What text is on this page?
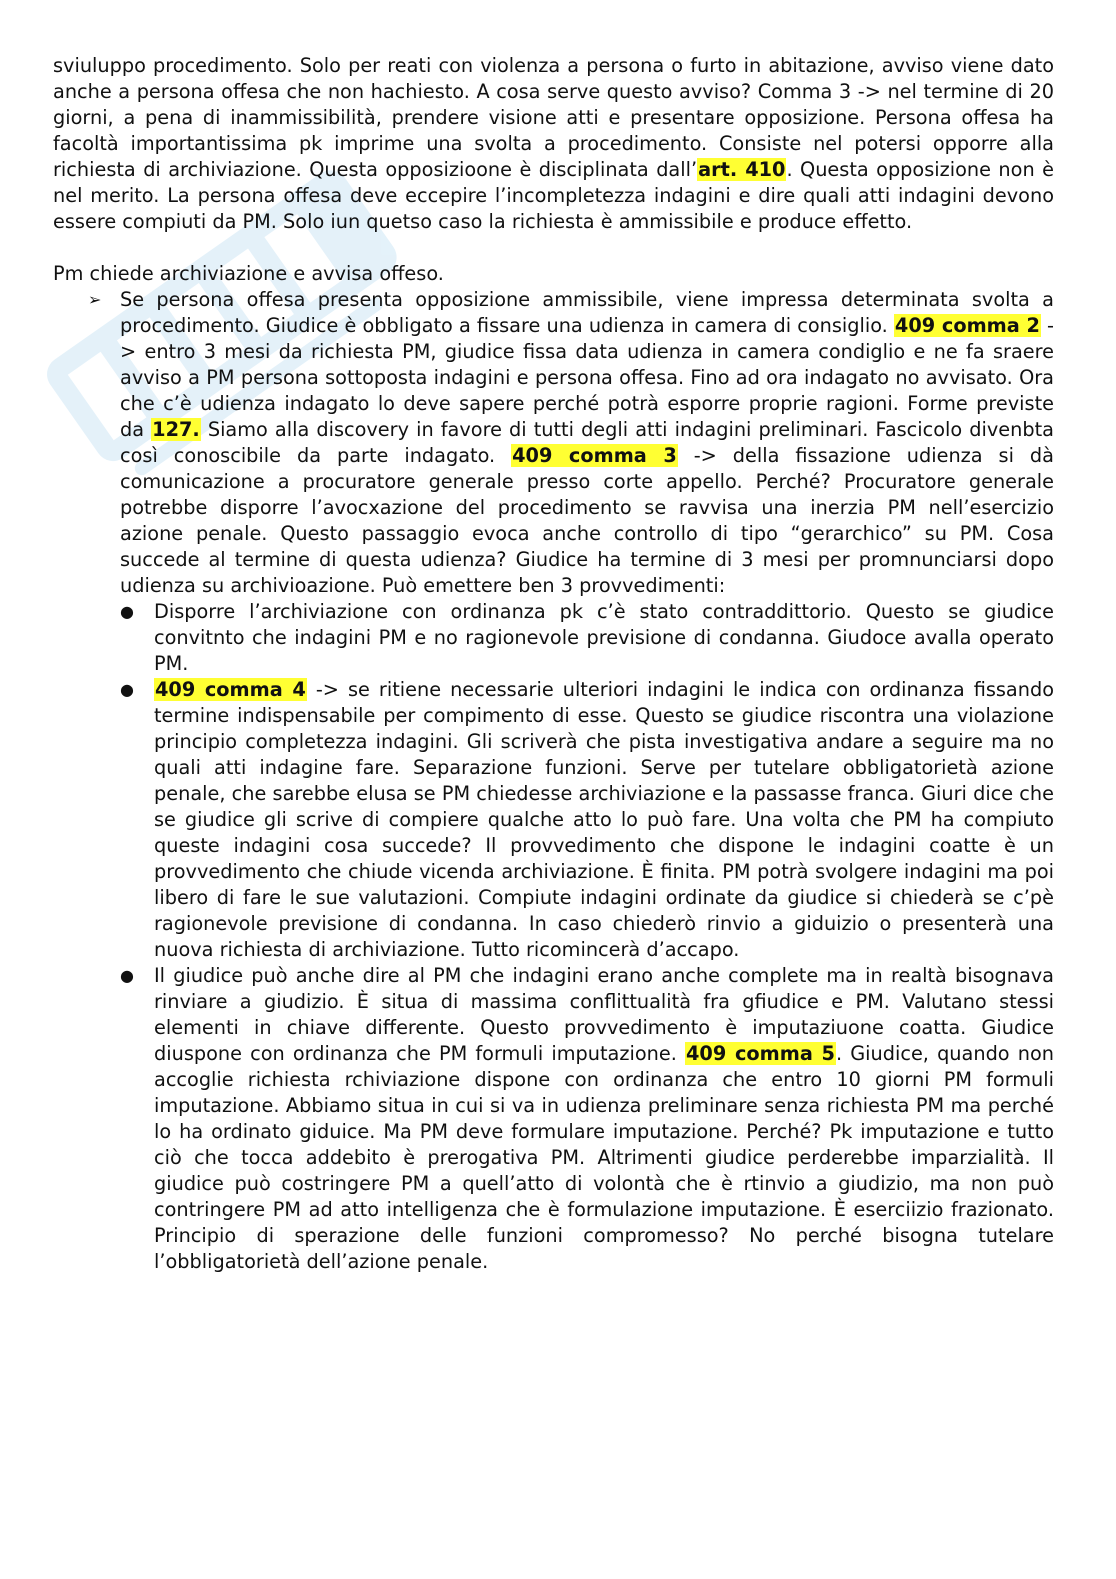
sviuluppo procedimento. Solo per reati con violenza a persona o furto in abitazione, avviso viene dato anche a persona offesa che non hachiesto. A cosa serve questo avviso? Comma 3 -> nel termine di 20 giorni, a pena di inammissibilità, prendere visione atti e presentare opposizione. Persona offesa ha facoltà importantissima pk imprime una svolta a procedimento. Consiste nel potersi opporre alla richiesta di archiviazione. Questa opposizioone è disciplinata dall’art. 410. Questa opposizione non è nel merito. La persona offesa deve eccepire l’incompletezza indagini e dire quali atti indagini devono essere compiuti da PM. Solo iun quetso caso la richiesta è ammissibile e produce effetto.

Pm chiede archiviazione e avvisa offeso.

➢ Se persona offesa presenta opposizione ammissibile, viene impressa determinata svolta a procedimento. Giudice è obbligato a fissare una udienza in camera di consiglio. 409 comma 2 -> entro 3 mesi da richiesta PM, giudice fissa data udienza in camera condiglio e ne fa sraere avviso a PM persona sottoposta indagini e persona offesa. Fino ad ora indagato no avvisato. Ora che c’è udienza indagato lo deve sapere perché potrà esporre proprie ragioni. Forme previste da 127. Siamo alla discovery in favore di tutti degli atti indagini preliminari. Fascicolo divenbta così conoscibile da parte indagato. 409 comma 3 -> della fissazione udienza si dà comunicazione a procuratore generale presso corte appello. Perché? Procuratore generale potrebbe disporre l’avocxazione del procedimento se ravvisa una inerzia PM nell’esercizio azione penale. Questo passaggio evoca anche controllo di tipo “gerarchico” su PM. Cosa succede al termine di questa udienza? Giudice ha termine di 3 mesi per promnunciarsi dopo udienza su archivioazione. Può emettere ben 3 provvedimenti:
● Disporre l’archiviazione con ordinanza pk c’è stato contraddittorio. Questo se giudice convitnto che indagini PM e no ragionevole previsione di condanna. Giudoce avalla operato PM.
● 409 comma 4 -> se ritiene necessarie ulteriori indagini le indica con ordinanza fissando termine indispensabile per compimento di esse. Questo se giudice riscontra una violazione principio completezza indagini. Gli scriverà che pista investigativa andare a seguire ma no quali atti indagine fare. Separazione funzioni. Serve per tutelare obbligatorietà azione penale, che sarebbe elusa se PM chiedesse archiviazione e la passasse franca. Giuri dice che se giudice gli scrive di compiere qualche atto lo può fare. Una volta che PM ha compiuto queste indagini cosa succede? Il provvedimento che dispone le indagini coatte è un provvedimento che chiude vicenda archiviazione. È finita. PM potrà svolgere indagini ma poi libero di fare le sue valutazioni. Compiute indagini ordinate da giudice si chiederà se c’pè ragionevole previsione di condanna. In caso chiederò rinvio a giduizio o presenterà una nuova richiesta di archiviazione. Tutto ricomincerà d’accapo.
● Il giudice può anche dire al PM che indagini erano anche complete ma in realtà bisognava rinviare a giudizio. È situa di massima conflittualità fra gfiudice e PM. Valutano stessi elementi in chiave differente. Questo provvedimento è imputaziuone coatta. Giudice diuspone con ordinanza che PM formuli imputazione. 409 comma 5. Giudice, quando non accoglie richiesta rchiviazione dispone con ordinanza che entro 10 giorni PM formuli imputazione. Abbiamo situa in cui si va in udienza preliminare senza richiesta PM ma perché lo ha ordinato giduice. Ma PM deve formulare imputazione. Perché? Pk imputazione e tutto ciò che tocca addebito è prerogativa PM. Altrimenti giudice perderebbe imparzialità. Il giudice può costringere PM a quell’atto di volontà che è rtinvio a giudizio, ma non può contringere PM ad atto intelligenza che è formulazione imputazione. È eserciizio frazionato. Principio di sperazione delle funzioni compromesso? No perché bisogna tutelare l’obbligatorietà dell’azione penale.
